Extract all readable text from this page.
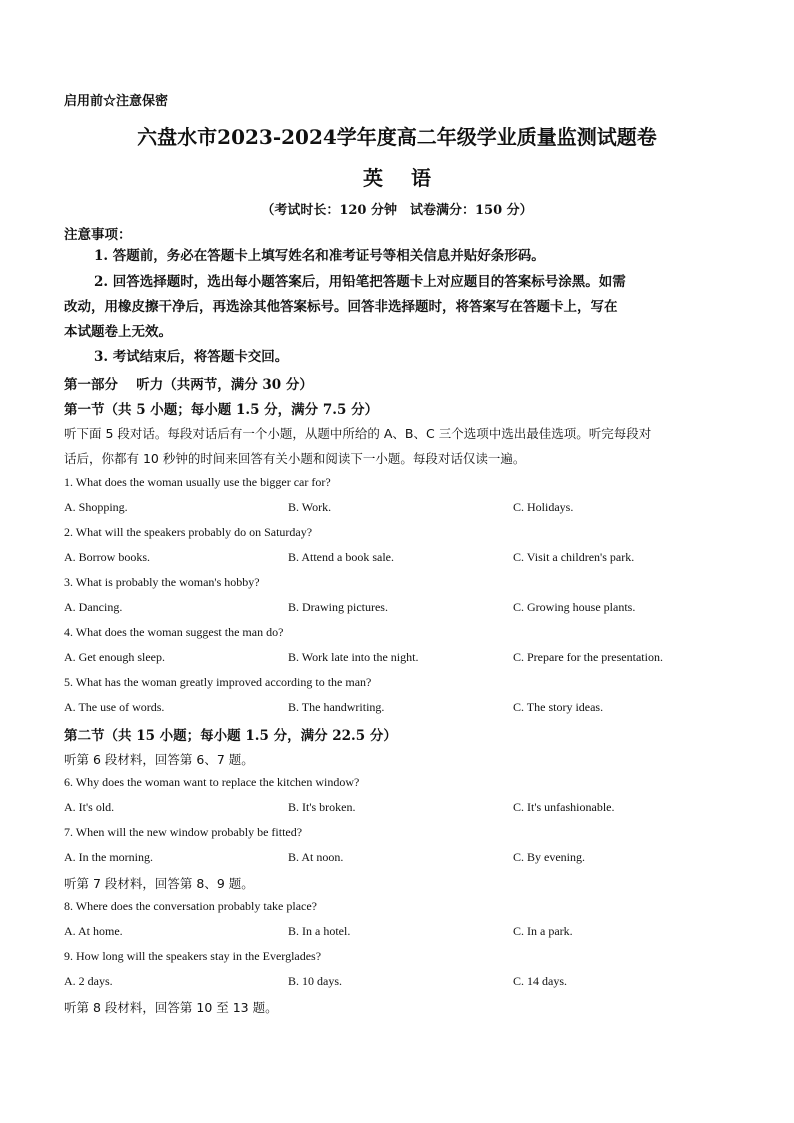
启用前☆注意保密
六盘水市2023-2024学年度高二年级学业质量监测试题卷
英语
（考试时长：120 分钟　试卷满分：150 分）
注意事项：
1. 答题前，务必在答题卡上填写姓名和准考证号等相关信息并贴好条形码。
2. 回答选择题时，选出每小题答案后，用铅笔把答题卡上对应题目的答案标号涂黑。如需
改动，用橡皮擦干净后，再选涂其他答案标号。回答非选择题时，将答案写在答题卡上，写在
本试题卷上无效。
3. 考试结束后，将答题卡交回。
第一部分　 听力（共两节，满分 30 分）
第一节（共 5 小题；每小题 1.5 分，满分 7.5 分）
听下面 5 段对话。每段对话后有一个小题，从题中所给的 A、B、C 三个选项中选出最佳选项。听完每段对
话后，你都有 10 秒钟的时间来回答有关小题和阅读下一小题。每段对话仅读一遍。
1. What does the woman usually use the bigger car for?
A. Shopping.	B. Work.	C. Holidays.
2. What will the speakers probably do on Saturday?
A. Borrow books.	B. Attend a book sale.	C. Visit a children's park.
3. What is probably the woman's hobby?
A. Dancing.	B. Drawing pictures.	C. Growing house plants.
4. What does the woman suggest the man do?
A. Get enough sleep.	B. Work late into the night.	C. Prepare for the presentation.
5. What has the woman greatly improved according to the man?
A. The use of words.	B. The handwriting.	C. The story ideas.
第二节（共 15 小题；每小题 1.5 分，满分 22.5 分）
听第 6 段材料，回答第 6、7 题。
6. Why does the woman want to replace the kitchen window?
A. It's old.	B. It's broken.	C. It's unfashionable.
7. When will the new window probably be fitted?
A. In the morning.	B. At noon.	C. By evening.
听第 7 段材料，回答第 8、9 题。
8. Where does the conversation probably take place?
A. At home.	B. In a hotel.	C. In a park.
9. How long will the speakers stay in the Everglades?
A. 2 days.	B. 10 days.	C. 14 days.
听第 8 段材料，回答第 10 至 13 题。
